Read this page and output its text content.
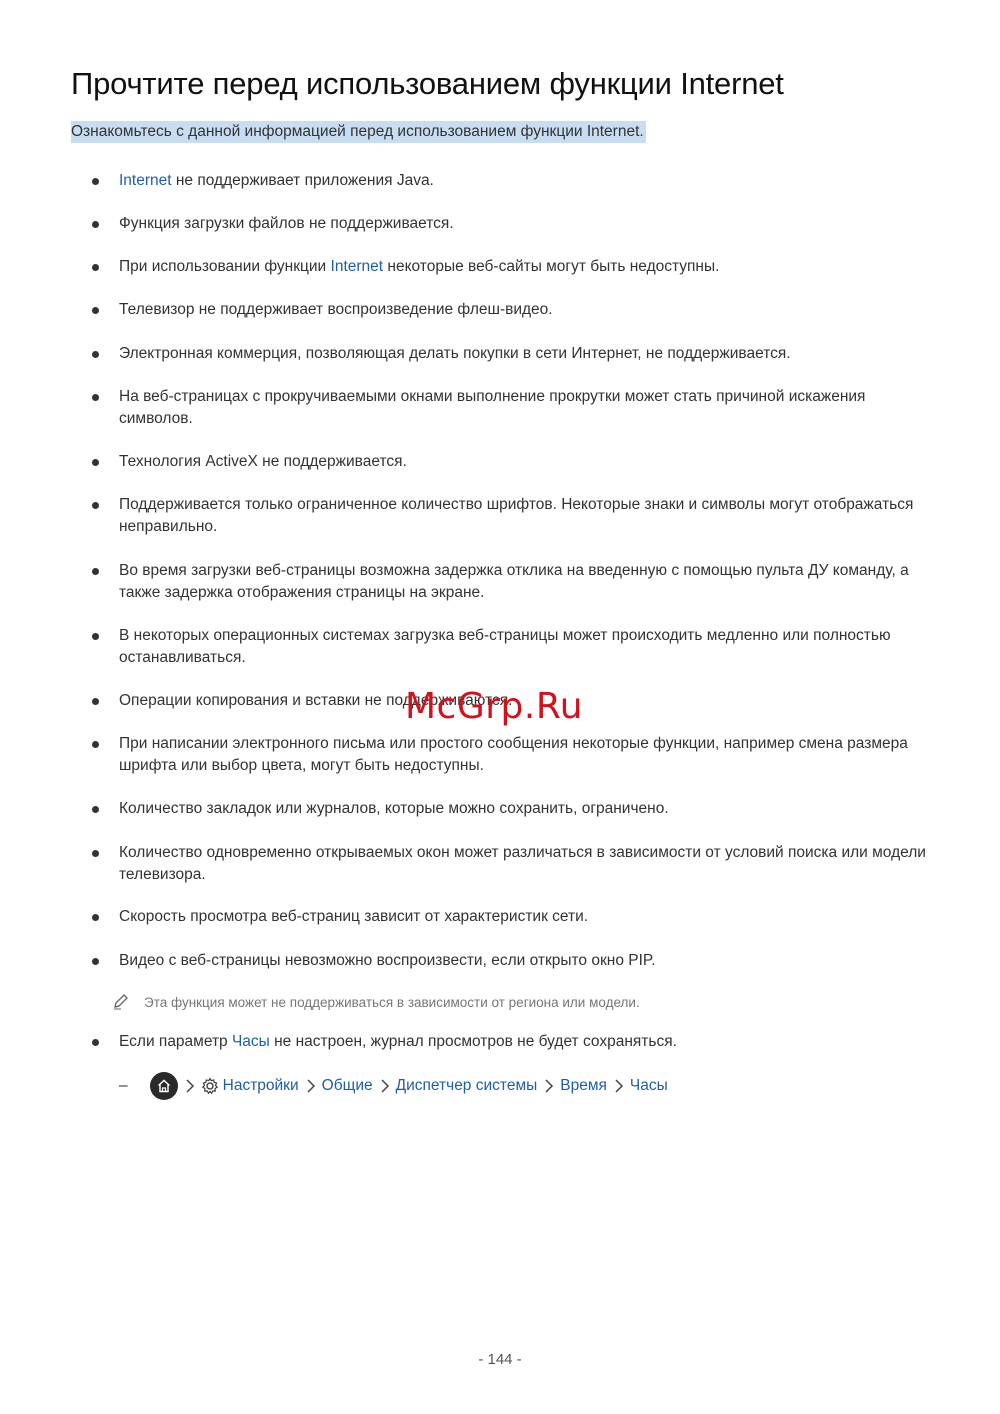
Прочтите перед использованием функции Internet
Ознакомьтесь с данной информацией перед использованием функции Internet.
Internet не поддерживает приложения Java.
Функция загрузки файлов не поддерживается.
При использовании функции Internet некоторые веб-сайты могут быть недоступны.
Телевизор не поддерживает воспроизведение флеш-видео.
Электронная коммерция, позволяющая делать покупки в сети Интернет, не поддерживается.
На веб-страницах с прокручиваемыми окнами выполнение прокрутки может стать причиной искажения символов.
Технология ActiveX не поддерживается.
Поддерживается только ограниченное количество шрифтов. Некоторые знаки и символы могут отображаться неправильно.
Во время загрузки веб-страницы возможна задержка отклика на введенную с помощью пульта ДУ команду, а также задержка отображения страницы на экране.
В некоторых операционных системах загрузка веб-страницы может происходить медленно или полностью останавливаться.
Операции копирования и вставки не поддерживаются.
При написании электронного письма или простого сообщения некоторые функции, например смена размера шрифта или выбор цвета, могут быть недоступны.
Количество закладок или журналов, которые можно сохранить, ограничено.
Количество одновременно открываемых окон может различаться в зависимости от условий поиска или модели телевизора.
Скорость просмотра веб-страниц зависит от характеристик сети.
Видео с веб-страницы невозможно воспроизвести, если открыто окно PIP.
Эта функция может не поддерживаться в зависимости от региона или модели.
Если параметр Часы не настроен, журнал просмотров не будет сохраняться.
–	Настройки Общие Диспетчер системы Время Часы
McGrp.Ru
- 144 -
